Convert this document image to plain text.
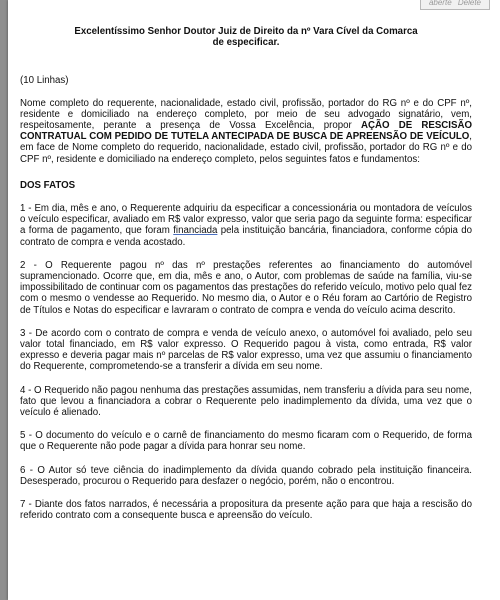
aberte Delete

Excelentíssimo Senhor Doutor Juiz de Direito da nº Vara Cível da Comarca
de especificar.

(10 Linhas)

Nome completo do requerente, nacionalidade, estado civil, profissão, portador do RG nº e do CPF nº, residente e domiciliado na endereço completo, por meio de seu advogado signatário, vem, respeitosamente, perante a presença de Vossa Excelência, propor AÇÃO DE RESCISÃO CONTRATUAL COM PEDIDO DE TUTELA ANTECIPADA DE BUSCA DE APREENSÃO DE VEÍCULO, em face de Nome completo do requerido, nacionalidade, estado civil, profissão, portador do RG nº e do CPF nº, residente e domiciliado na endereço completo, pelos seguintes fatos e fundamentos:

DOS FATOS

1 - Em dia, mês e ano, o Requerente adquiriu da especificar a concessionária ou montadora de veículos o veículo especificar, avaliado em R$ valor expresso, valor que seria pago da seguinte forma: especificar a forma de pagamento, que foram financiada pela instituição bancária, financiadora, conforme cópia do contrato de compra e venda acostado.

2 - O Requerente pagou nº das nº prestações referentes ao financiamento do automóvel supramencionado. Ocorre que, em dia, mês e ano, o Autor, com problemas de saúde na família, viu-se impossibilitado de continuar com os pagamentos das prestações do referido veículo, motivo pelo qual fez com o mesmo o vendesse ao Requerido. No mesmo dia, o Autor e o Réu foram ao Cartório de Registro de Títulos e Notas do especificar e lavraram o contrato de compra e venda do veículo acima descrito.

3 - De acordo com o contrato de compra e venda de veículo anexo, o automóvel foi avaliado, pelo seu valor total financiado, em R$ valor expresso. O Requerido pagou à vista, como entrada, R$ valor expresso e deveria pagar mais nº parcelas de R$ valor expresso, uma vez que assumiu o financiamento do Requerente, comprometendo-se a transferir a dívida em seu nome.

4 - O Requerido não pagou nenhuma das prestações assumidas, nem transferiu a dívida para seu nome, fato que levou a financiadora a cobrar o Requerente pelo inadimplemento da dívida, uma vez que o veículo é alienado.

5 - O documento do veículo e o carnê de financiamento do mesmo ficaram com o Requerido, de forma que o Requerente não pode pagar a dívida para honrar seu nome.

6 - O Autor só teve ciência do inadimplemento da dívida quando cobrado pela instituição financeira. Desesperado, procurou o Requerido para desfazer o negócio, porém, não o encontrou.

7 - Diante dos fatos narrados, é necessária a propositura da presente ação para que haja a rescisão do referido contrato com a consequente busca e apreensão do veículo.
